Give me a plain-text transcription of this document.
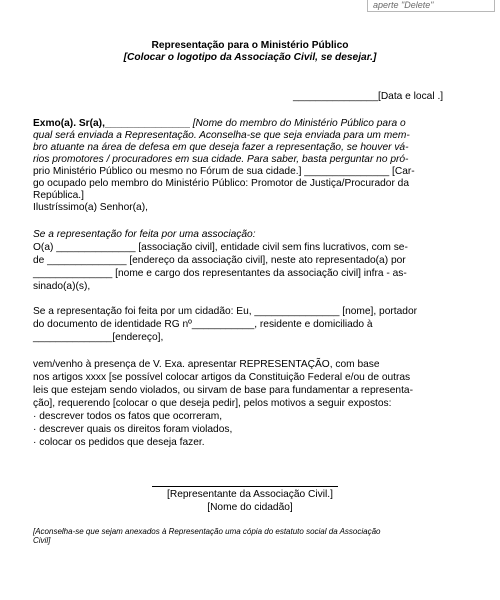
aperte "Delete"
Representação para o Ministério Público
[Colocar o logotipo da Associação Civil, se desejar.]
_______________[Data e local .]
Exmo(a). Sr(a),_______________ [Nome do membro do Ministério Público para o
qual será enviada a Representação. Aconselha-se que seja enviada para um mem-
bro atuante na área de defesa em que deseja fazer a representação, se houver vá-
rios promotores / procuradores em sua cidade. Para saber, basta perguntar no pró-
prio Ministério Público ou mesmo no Fórum de sua cidade.] _______________ [Car-
go ocupado pelo membro do Ministério Público: Promotor de Justiça/Procurador da
República.]
Ilustríssimo(a) Senhor(a),
Se a representação for feita por uma associação:
O(a) ______________ [associação civil], entidade civil sem fins lucrativos, com se-
de ______________ [endereço da associação civil], neste ato representado(a) por
______________ [nome e cargo dos representantes da associação civil] infra - as-
sinado(a)(s),
Se a representação foi feita por um cidadão: Eu, _______________ [nome], portador
do documento de identidade RG nº___________, residente e domiciliado à
______________[endereço],
vem/venho à presença de V. Exa. apresentar REPRESENTAÇÃO, com base
nos artigos xxxx [se possível colocar artigos da Constituição Federal e/ou de outras
leis que estejam sendo violados, ou sirvam de base para fundamentar a representa-
ção], requerendo [colocar o que deseja pedir], pelos motivos a seguir expostos:
· descrever todos os fatos que ocorreram,
· descrever quais os direitos foram violados,
· colocar os pedidos que deseja fazer.
[Representante da Associação Civil.]
[Nome do cidadão]
[Aconselha-se que sejam anexados à Representação uma cópia do estatuto social da Associação
Civil]
